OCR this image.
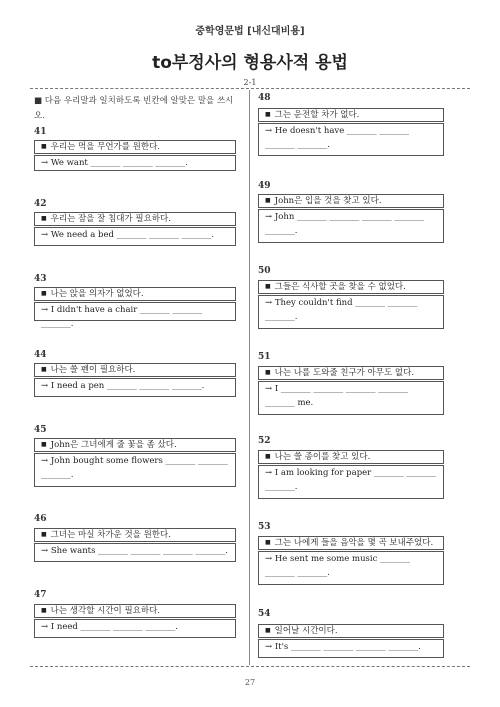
중학영문법 [내신대비용]
to부정사의 형용사적 용법
2-1
■ 다음 우리말과 일치하도록 빈칸에 알맞은 말을 쓰시오.
41
■ 우리는 먹을 무언가를 원한다.
→ We want _______ _______ _______.
42
■ 우리는 잠을 잘 침대가 필요하다.
→ We need a bed _______ _______ _______.
43
■ 나는 앉을 의자가 없었다.
→ I didn't have a chair _______ _______ _______.
44
■ 나는 쓸 펜이 필요하다.
→ I need a pen _______ _______ _______.
45
■ John은 그녀에게 줄 꽃을 좀 샀다.
→ John bought some flowers _______ _______ _______.
46
■ 그녀는 마실 차가운 것을 원한다.
→ She wants _______ _______ _______ _______.
47
■ 나는 생각할 시간이 필요하다.
→ I need _______ _______ _______.
48
■ 그는 운전할 차가 없다.
→ He doesn't have _______ _______ _______ _______.
49
■ John은 입을 것을 찾고 있다.
→ John _______ _______ _______ _______ _______.
50
■ 그들은 식사할 곳을 찾을 수 없었다.
→ They couldn't find _______ _______ _______.
51
■ 나는 나를 도와줄 친구가 아무도 없다.
→ I _______ _______ _______ _______ _______ me.
52
■ 나는 쓸 종이를 찾고 있다.
→ I am looking for paper _______ _______ _______.
53
■ 그는 나에게 들을 음악을 몇 곡 보내주었다.
→ He sent me some music _______ _______ _______.
54
■ 일어날 시간이다.
→ It's _______ _______ _______ _______.
27
